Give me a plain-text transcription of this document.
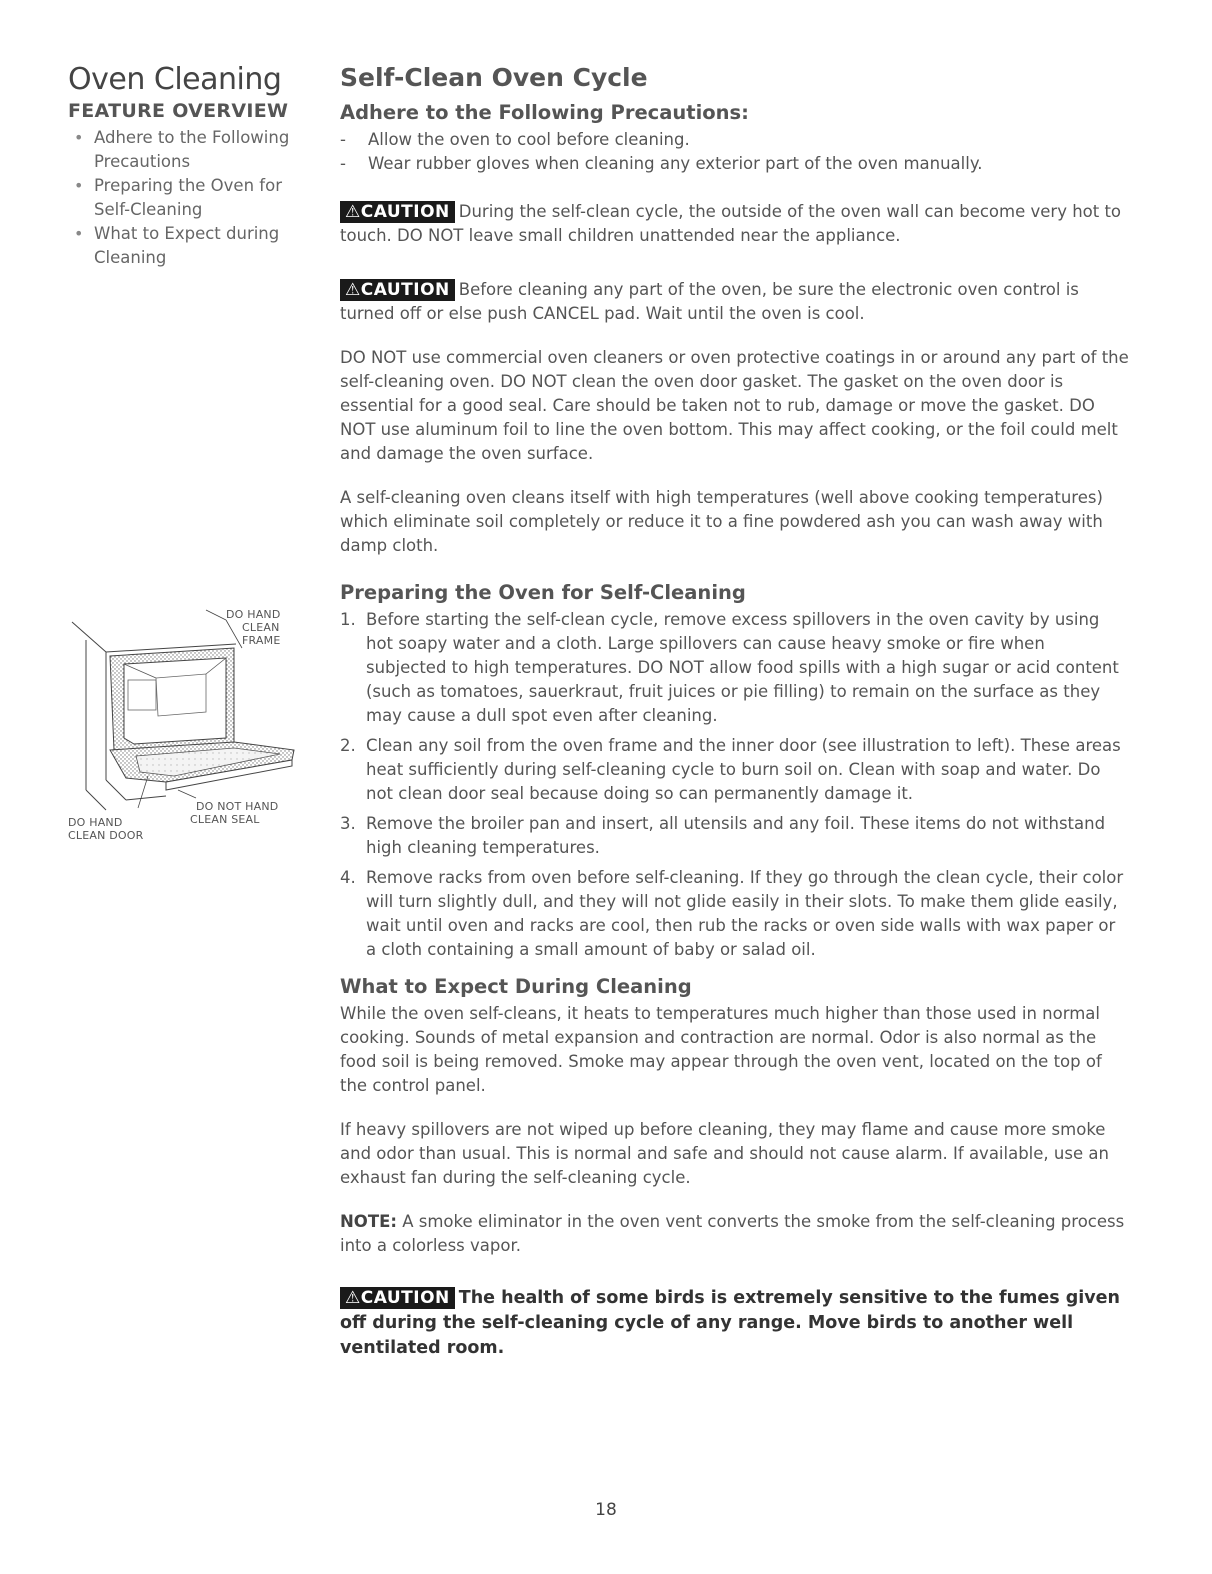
Oven Cleaning
FEATURE OVERVIEW
• Adhere to the Following Precautions
• Preparing the Oven for Self-Cleaning
• What to Expect during Cleaning
DO HAND
CLEAN
FRAME
DO NOT HAND
CLEAN SEAL
DO HAND
CLEAN DOOR
Self-Clean Oven Cycle
Adhere to the Following Precautions:
- Allow the oven to cool before cleaning.
- Wear rubber gloves when cleaning any exterior part of the oven manually.

⚠CAUTION During the self-clean cycle, the outside of the oven wall can become very hot to touch. DO NOT leave small children unattended near the appliance.

⚠CAUTION Before cleaning any part of the oven, be sure the electronic oven control is turned off or else push CANCEL pad. Wait until the oven is cool.

DO NOT use commercial oven cleaners or oven protective coatings in or around any part of the self-cleaning oven. DO NOT clean the oven door gasket. The gasket on the oven door is essential for a good seal. Care should be taken not to rub, damage or move the gasket. DO NOT use aluminum foil to line the oven bottom. This may affect cooking, or the foil could melt and damage the oven surface.

A self-cleaning oven cleans itself with high temperatures (well above cooking temperatures) which eliminate soil completely or reduce it to a fine powdered ash you can wash away with damp cloth.

Preparing the Oven for Self-Cleaning
1. Before starting the self-clean cycle, remove excess spillovers in the oven cavity by using hot soapy water and a cloth. Large spillovers can cause heavy smoke or fire when subjected to high temperatures. DO NOT allow food spills with a high sugar or acid content (such as tomatoes, sauerkraut, fruit juices or pie filling) to remain on the surface as they may cause a dull spot even after cleaning.
2. Clean any soil from the oven frame and the inner door (see illustration to left). These areas heat sufficiently during self-cleaning cycle to burn soil on. Clean with soap and water. Do not clean door seal because doing so can permanently damage it.
3. Remove the broiler pan and insert, all utensils and any foil. These items do not withstand high cleaning temperatures.
4. Remove racks from oven before self-cleaning. If they go through the clean cycle, their color will turn slightly dull, and they will not glide easily in their slots. To make them glide easily, wait until oven and racks are cool, then rub the racks or oven side walls with wax paper or a cloth containing a small amount of baby or salad oil.
What to Expect During Cleaning

While the oven self-cleans, it heats to temperatures much higher than those used in normal cooking. Sounds of metal expansion and contraction are normal. Odor is also normal as the food soil is being removed. Smoke may appear through the oven vent, located on the top of the control panel.

If heavy spillovers are not wiped up before cleaning, they may flame and cause more smoke and odor than usual. This is normal and safe and should not cause alarm. If available, use an exhaust fan during the self-cleaning cycle.

NOTE: A smoke eliminator in the oven vent converts the smoke from the self-cleaning process into a colorless vapor.

⚠CAUTION The health of some birds is extremely sensitive to the fumes given off during the self-cleaning cycle of any range. Move birds to another well ventilated room.

18
